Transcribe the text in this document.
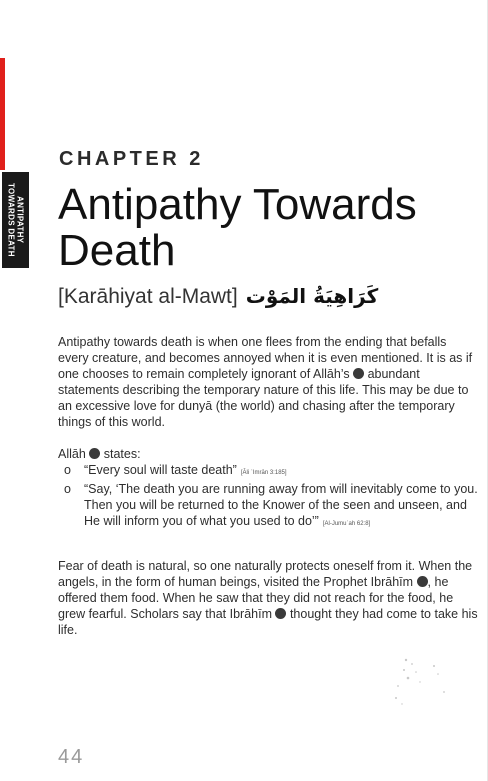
ANTIPATHY
TOWARDS DEATH
CHAPTER 2
Antipathy Towards Death
[Karāhiyat al-Mawt] كَرَاهِيَةُ المَوْت

Antipathy towards death is when one flees from the ending that befalls every creature, and becomes annoyed when it is even mentioned. It is as if one chooses to remain completely ignorant of Allāh’s  abundant statements describing the temporary nature of this life. This may be due to an excessive love for dunyā (the world) and chasing after the temporary things of this world.

Allāh  states:

o	“Every soul will taste death” [Āli ʿImrān 3:185]
o	“Say, ‘The death you are running away from will inevitably come to you. Then you will be returned to the Knower of the seen and unseen, and He will inform you of what you used to do’” [Al-Jumuʿah 62:8]

Fear of death is natural, so one naturally protects oneself from it. When the angels, in the form of human beings, visited the Prophet Ibrāhīm , he offered them food. When he saw that they did not reach for the food, he grew fearful. Scholars say that Ibrāhīm  thought they had come to take his life.

44
